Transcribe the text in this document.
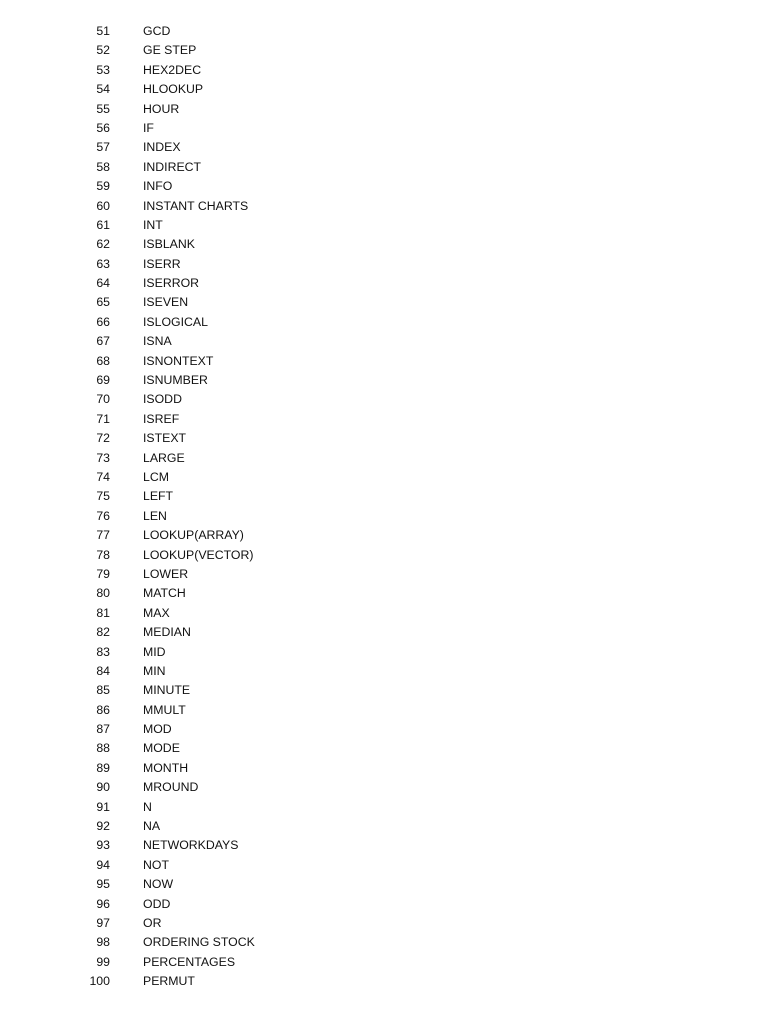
51	GCD
52	GE STEP
53	HEX2DEC
54	HLOOKUP
55	HOUR
56	IF
57	INDEX
58	INDIRECT
59	INFO
60	INSTANT CHARTS
61	INT
62	ISBLANK
63	ISERR
64	ISERROR
65	ISEVEN
66	ISLOGICAL
67	ISNA
68	ISNONTEXT
69	ISNUMBER
70	ISODD
71	ISREF
72	ISTEXT
73	LARGE
74	LCM
75	LEFT
76	LEN
77	LOOKUP(ARRAY)
78	LOOKUP(VECTOR)
79	LOWER
80	MATCH
81	MAX
82	MEDIAN
83	MID
84	MIN
85	MINUTE
86	MMULT
87	MOD
88	MODE
89	MONTH
90	MROUND
91	N
92	NA
93	NETWORKDAYS
94	NOT
95	NOW
96	ODD
97	OR
98	ORDERING STOCK
99	PERCENTAGES
100	PERMUT
